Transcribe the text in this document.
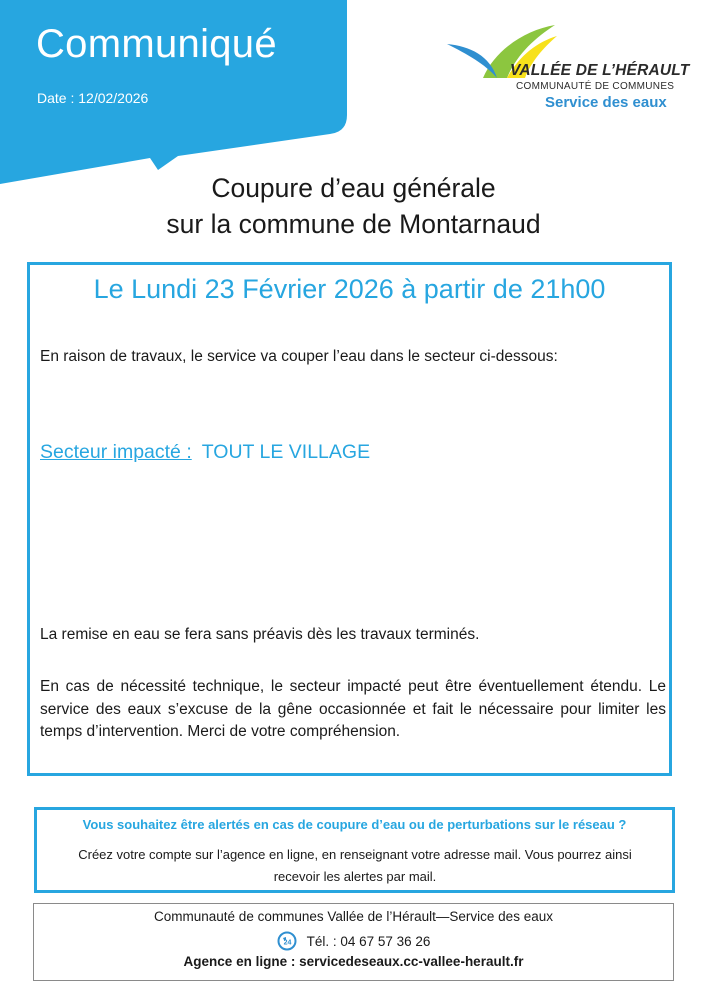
Communiqué
Date : 12/02/2026
VALLÉE DE L’HÉRAULT
COMMUNAUTÉ DE COMMUNES
Service des eaux
Coupure d’eau générale
sur la commune de Montarnaud
Le Lundi 23 Février 2026 à partir de 21h00
En raison de travaux, le service va couper l’eau dans le secteur ci-dessous:
Secteur impacté : TOUT LE VILLAGE
La remise en eau se fera sans préavis dès les travaux terminés.
En cas de nécessité technique, le secteur impacté peut être éventuellement étendu. Le service des eaux s’excuse de la gêne occasionnée et fait le nécessaire pour limiter les temps d’intervention. Merci de votre compréhension.
Vous souhaitez être alertés en cas de coupure d’eau ou de perturbations sur le réseau ?
Créez votre compte sur l’agence en ligne, en renseignant votre adresse mail. Vous pourrez ainsi recevoir les alertes par mail.
Communauté de communes Vallée de l’Hérault—Service des eaux
24 Tél. : 04 67 57 36 26
Agence en ligne : servicedeseaux.cc-vallee-herault.fr
